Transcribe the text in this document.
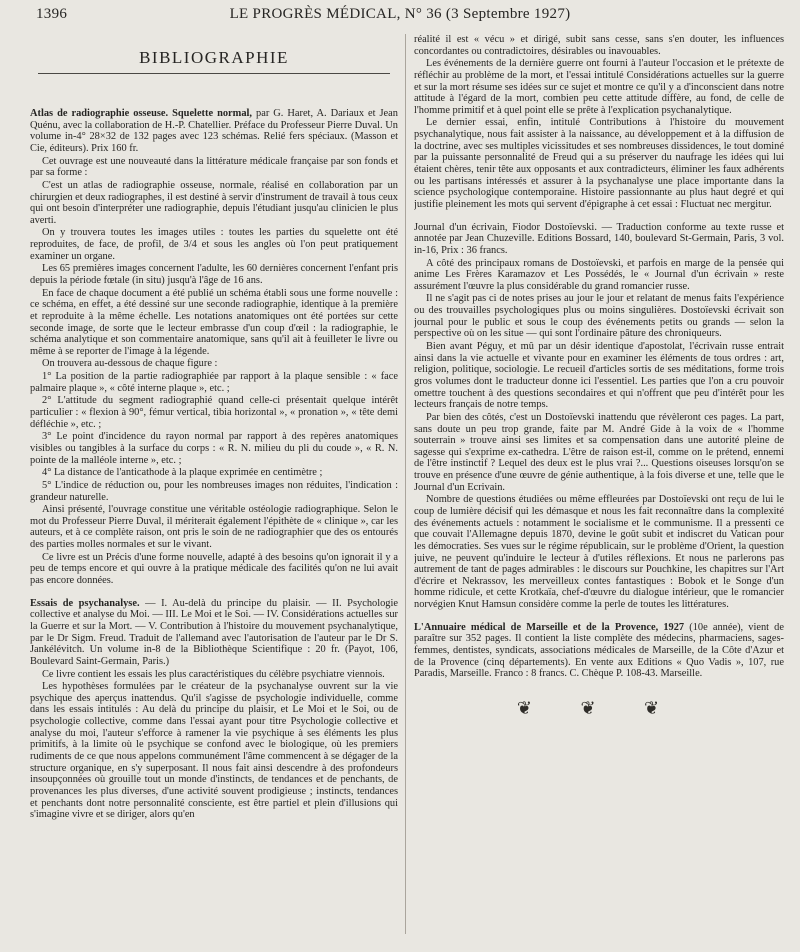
1396	LE PROGRÈS MÉDICAL, N° 36 (3 Septembre 1927)
BIBLIOGRAPHIE

Atlas de radiographie osseuse. Squelette normal, par G. Haret, A. Dariaux et Jean Quénu, avec la collaboration de H.-P. Chatellier. Préface du Professeur Pierre Duval. Un volume in-4° 28×32 de 132 pages avec 123 schémas. Relié fers spéciaux. (Masson et Cie, éditeurs). Prix 160 fr.

Cet ouvrage est une nouveauté dans la littérature médicale française par son fonds et par sa forme :

C'est un atlas de radiographie osseuse, normale, réalisé en collaboration par un chirurgien et deux radiographes, il est destiné à servir d'instrument de travail à tous ceux qui ont besoin d'interpréter une radiographie, depuis l'étudiant jusqu'au clinicien le plus averti.

On y trouvera toutes les images utiles : toutes les parties du squelette ont été reproduites, de face, de profil, de 3/4 et sous les angles où l'on peut pratiquement examiner un organe.

Les 65 premières images concernent l'adulte, les 60 dernières concernent l'enfant pris depuis la période fœtale (in situ) jusqu'à l'âge de 16 ans.

En face de chaque document a été publié un schéma établi sous une forme nouvelle : ce schéma, en effet, a été dessiné sur une seconde radiographie, identique à la première et reproduite à la même échelle. Les notations anatomiques ont été portées sur cette seconde image, de sorte que le lecteur embrasse d'un coup d'œil : la radiographie, le schéma analytique et son commentaire anatomique, sans qu'il ait à feuilleter le livre ou même à se reporter de l'image à la légende.

On trouvera au-dessous de chaque figure :

1° La position de la partie radiographiée par rapport à la plaque sensible : « face palmaire plaque », « côté interne plaque », etc. ;

2° L'attitude du segment radiographié quand celle-ci présentait quelque intérêt particulier : « flexion à 90°, fémur vertical, tibia horizontal », « pronation », « tête demi défléchie », etc. ;

3° Le point d'incidence du rayon normal par rapport à des repères anatomiques visibles ou tangibles à la surface du corps : « R. N. milieu du pli du coude », « R. N. pointe de la malléole interne », etc. ;

4° La distance de l'anticathode à la plaque exprimée en centimètre ;

5° L'indice de réduction ou, pour les nombreuses images non réduites, l'indication : grandeur naturelle.

Ainsi présenté, l'ouvrage constitue une véritable ostéologie radiographique. Selon le mot du Professeur Pierre Duval, il mériterait également l'épithète de « clinique », car les auteurs, et à ce complète raison, ont pris le soin de ne radiographier que des os entourés des parties molles normales et sur le vivant.

Ce livre est un Précis d'une forme nouvelle, adapté à des besoins qu'on ignorait il y a peu de temps encore et qui ouvre à la pratique médicale des facilités qu'on ne lui avait pas encore données.

Essais de psychanalyse. — I. Au-delà du principe du plaisir. — II. Psychologie collective et analyse du Moi. — III. Le Moi et le Soi. — IV. Considérations actuelles sur la Guerre et sur la Mort. — V. Contribution à l'histoire du mouvement psychanalytique, par le Dr Sigm. Freud. Traduit de l'allemand avec l'autorisation de l'auteur par le Dr S. Jankélévitch. Un volume in-8 de la Bibliothèque Scientifique : 20 fr. (Payot, 106, Boulevard Saint-Germain, Paris.)

Ce livre contient les essais les plus caractéristiques du célèbre psychiatre viennois.

Les hypothèses formulées par le créateur de la psychanalyse ouvrent sur la vie psychique des aperçus inattendus. Qu'il s'agisse de psychologie individuelle, comme dans les essais intitulés : Au delà du principe du plaisir, et Le Moi et le Soi, ou de psychologie collective, comme dans l'essai ayant pour titre Psychologie collective et analyse du moi, l'auteur s'efforce à ramener la vie psychique à ses éléments les plus primitifs, à la limite où le psychique se confond avec le biologique, où les premiers rudiments de ce que nous appelons communément l'âme commencent à se dégager de la structure organique, en s'y superposant. Il nous fait ainsi descendre à des profondeurs insoupçonnées où grouille tout un monde d'instincts, de tendances et de penchants, de provenances les plus diverses, d'une activité souvent prodigieuse ; instincts, tendances et penchants dont notre personnalité consciente, est être partiel et plein d'illusions qui s'imagine vivre et se diriger, alors qu'en

réalité il est « vécu » et dirigé, subit sans cesse, sans s'en douter, les influences concordantes ou contradictoires, désirables ou inavouables.

Les événements de la dernière guerre ont fourni à l'auteur l'occasion et le prétexte de réfléchir au problème de la mort, et l'essai intitulé Considérations actuelles sur la guerre et sur la mort résume ses idées sur ce sujet et montre ce qu'il y a d'inconscient dans notre attitude à l'égard de la mort, combien peu cette attitude diffère, au fond, de celle de l'homme primitif et à quel point elle se prête à l'explication psychanalytique.

Le dernier essai, enfin, intitulé Contributions à l'histoire du mouvement psychanalytique, nous fait assister à la naissance, au développement et à la diffusion de la doctrine, avec ses multiples vicissitudes et ses nombreuses dissidences, le tout dominé par la puissante personnalité de Freud qui a su préserver du naufrage les idées qui lui étaient chères, tenir tête aux opposants et aux contradicteurs, éliminer les faux adhérents ou les partisans intéressés et assurer à la psychanalyse une place importante dans la science psychologique contemporaine. Histoire passionnante au plus haut degré et qui justifie pleinement les mots qui servent d'épigraphe à cet essai : Fluctuat nec mergitur.

Journal d'un écrivain, Fiodor Dostoïevski. — Traduction conforme au texte russe et annotée par Jean Chuzeville. Editions Bossard, 140, boulevard St-Germain, Paris, 3 vol. in-16, Prix : 36 francs.

A côté des principaux romans de Dostoïevski, et parfois en marge de la pensée qui anime Les Frères Karamazov et Les Possédés, le « Journal d'un écrivain » reste assurément l'œuvre la plus considérable du grand romancier russe.

Il ne s'agit pas ci de notes prises au jour le jour et relatant de menus faits l'expérience ou des trouvailles psychologiques plus ou moins singulières. Dostoïevski écrivait son journal pour le public et sous le coup des événements petits ou grands — selon la perspective où on les situe — qui sont l'ordinaire pâture des chroniqueurs.

Bien avant Péguy, et mû par un désir identique d'apostolat, l'écrivain russe entrait ainsi dans la vie actuelle et vivante pour en examiner les éléments de tous ordres : art, religion, politique, sociologie. Le recueil d'articles sortis de ses méditations, forme trois gros volumes dont le traducteur donne ici l'essentiel. Les parties que l'on a cru pouvoir omettre touchent à des questions secondaires et qui n'offrent que peu d'intérêt pour les lecteurs français de notre temps.

Par bien des côtés, c'est un Dostoïevski inattendu que révèleront ces pages. La part, sans doute un peu trop grande, faite par M. André Gide à la voix de « l'homme souterrain » trouve ainsi ses limites et sa compensation dans une autorité pleine de sagesse qui s'exprime ex-cathedra. L'être de raison est-il, comme on le prétend, ennemi de l'être instinctif ? Lequel des deux est le plus vrai ?... Questions oiseuses lorsqu'on se trouve en présence d'une œuvre de génie authentique, à la fois diverse et une, telle que le Journal d'un Ecrivain.

Nombre de questions étudiées ou même effleurées par Dostoïevski ont reçu de lui le coup de lumière décisif qui les démasque et nous les fait reconnaître dans la complexité des événements actuels : notamment le socialisme et le communisme. Il a pressenti ce que couvait l'Allemagne depuis 1870, devine le goût subit et indiscret du Vatican pour les démocraties. Ses vues sur le régime républicain, sur le problème d'Orient, la question juive, ne peuvent qu'induire le lecteur à d'utiles réflexions. Et nous ne parlerons pas autrement de tant de pages admirables : le discours sur Pouchkine, les chapitres sur l'Art d'écrire et Nekrassov, les merveilleux contes fantastiques : Bobok et le Songe d'un homme ridicule, et cette Krotkaïa, chef-d'œuvre du dialogue intérieur, que le romancier norvégien Knut Hamsun considère comme la perle de toutes les littératures.

L'Annuaire médical de Marseille et de la Provence, 1927 (10e année), vient de paraître sur 352 pages. Il contient la liste complète des médecins, pharmaciens, sages-femmes, dentistes, syndicats, associations médicales de Marseille, de la Côte d'Azur et de la Provence (cinq départements). En vente aux Editions « Quo Vadis », 107, rue Paradis, Marseille. Franco : 8 francs. C. Chèque P. 108-43. Marseille.

❦ ❦ ❦
